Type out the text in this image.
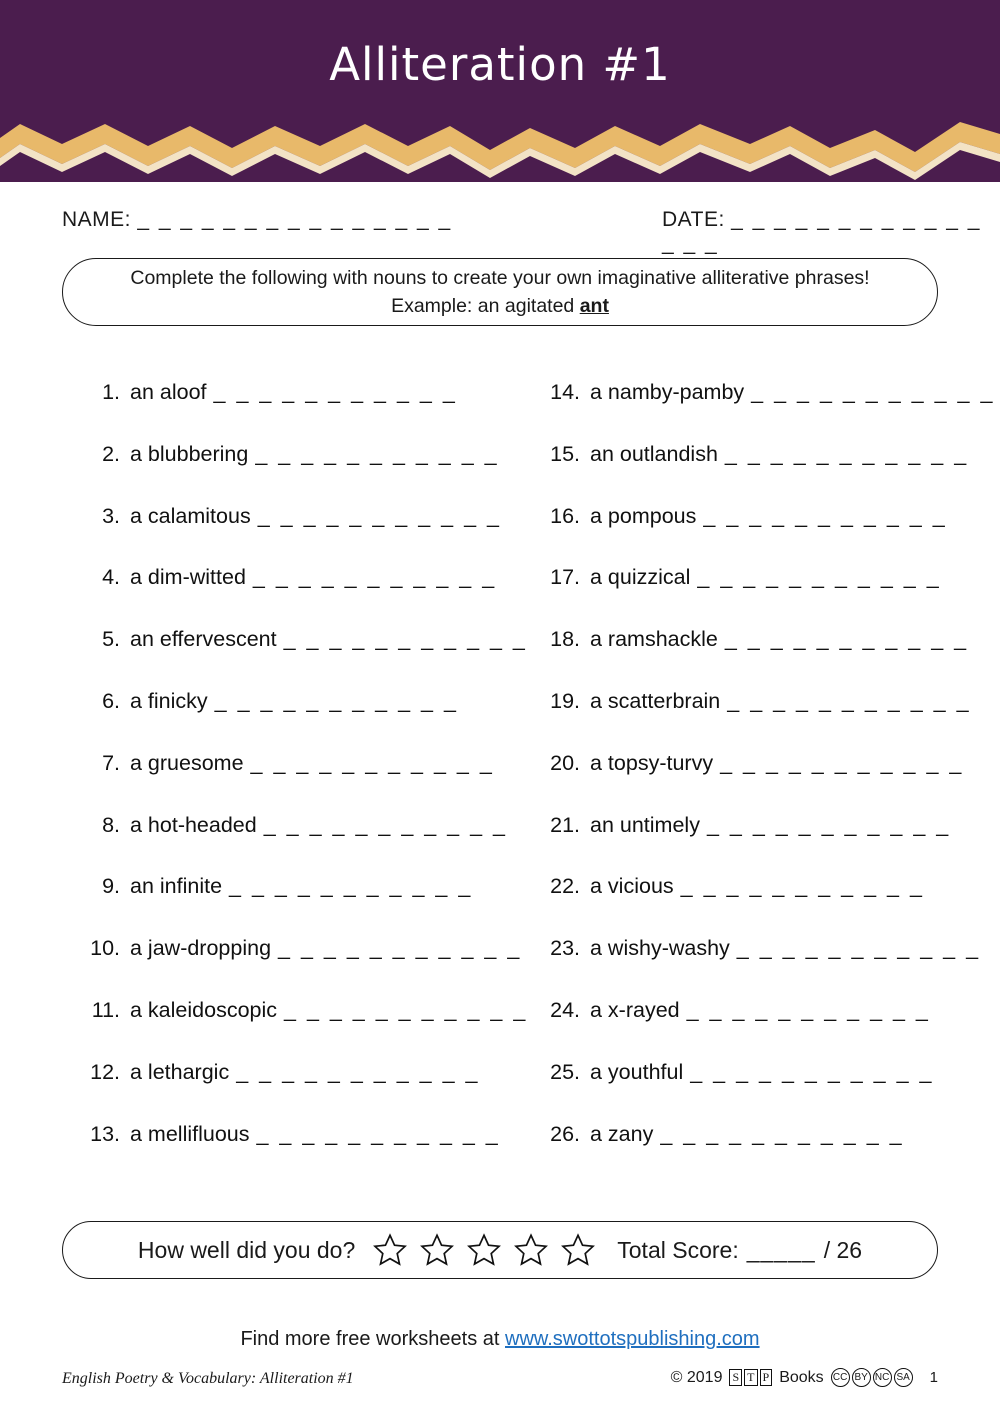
Alliteration #1
NAME: _ _ _ _ _ _ _ _ _ _ _ _ _ _ _	DATE: _ _ _ _ _ _ _ _ _ _ _ _ _ _ _
Complete the following with nouns to create your own imaginative alliterative phrases!
Example: an agitated ant
1. an aloof _ _ _ _ _ _ _ _ _ _ _
2. a blubbering _ _ _ _ _ _ _ _ _ _ _
3. a calamitous _ _ _ _ _ _ _ _ _ _ _
4. a dim-witted _ _ _ _ _ _ _ _ _ _ _
5. an effervescent _ _ _ _ _ _ _ _ _ _ _
6. a finicky _ _ _ _ _ _ _ _ _ _ _
7. a gruesome _ _ _ _ _ _ _ _ _ _ _
8. a hot-headed _ _ _ _ _ _ _ _ _ _ _
9. an infinite _ _ _ _ _ _ _ _ _ _ _
10. a jaw-dropping _ _ _ _ _ _ _ _ _ _ _
11. a kaleidoscopic _ _ _ _ _ _ _ _ _ _ _
12. a lethargic _ _ _ _ _ _ _ _ _ _ _
13. a mellifluous _ _ _ _ _ _ _ _ _ _ _
14. a namby-pamby _ _ _ _ _ _ _ _ _ _ _
15. an outlandish _ _ _ _ _ _ _ _ _ _ _
16. a pompous _ _ _ _ _ _ _ _ _ _ _
17. a quizzical _ _ _ _ _ _ _ _ _ _ _
18. a ramshackle _ _ _ _ _ _ _ _ _ _ _
19. a scatterbrain _ _ _ _ _ _ _ _ _ _ _
20. a topsy-turvy _ _ _ _ _ _ _ _ _ _ _
21. an untimely _ _ _ _ _ _ _ _ _ _ _
22. a vicious _ _ _ _ _ _ _ _ _ _ _
23. a wishy-washy _ _ _ _ _ _ _ _ _ _ _
24. a x-rayed _ _ _ _ _ _ _ _ _ _ _
25. a youthful _ _ _ _ _ _ _ _ _ _ _
26. a zany _ _ _ _ _ _ _ _ _ _ _
How well did you do?	Total Score: _____ / 26
Find more free worksheets at www.swottotspublishing.com
English Poetry & Vocabulary: Alliteration #1	© 2019 S T P Books CC BY NC SA 1
